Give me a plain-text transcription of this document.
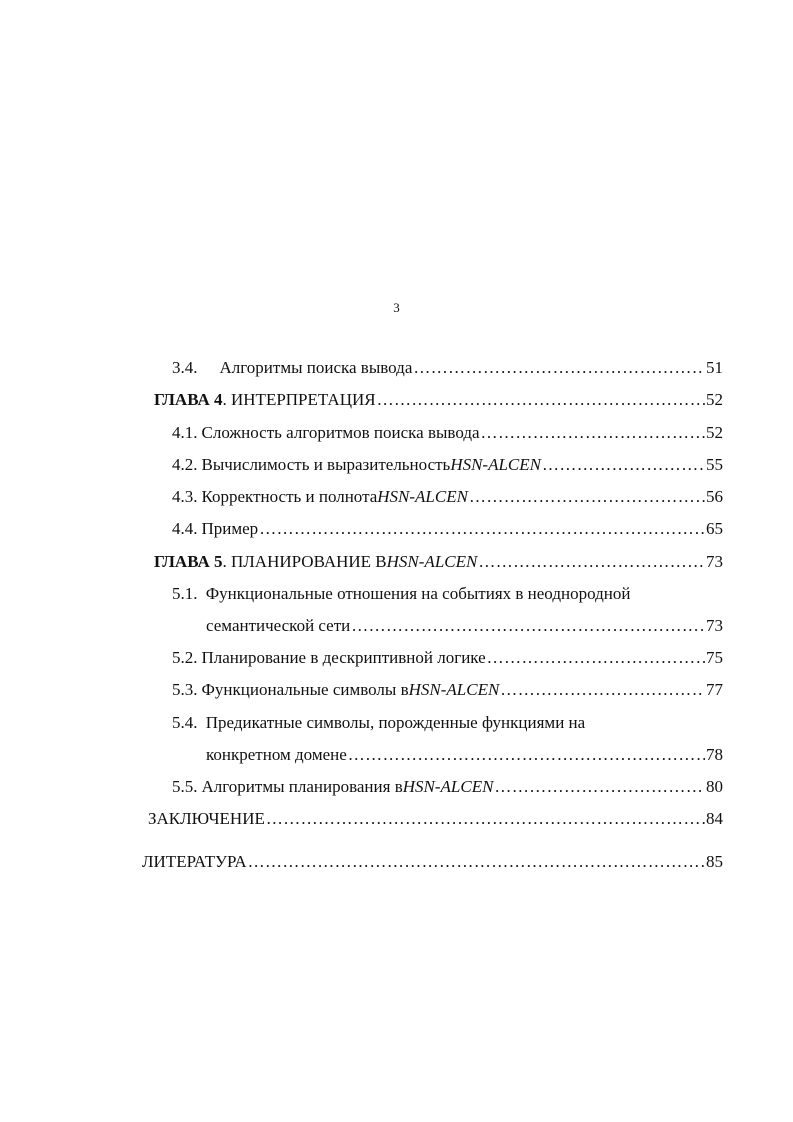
3
3.4. Алгоритмы поиска вывода ……………………………………………………………………………………………………………………………………………………………	51
ГЛАВА 4 . ИНТЕРПРЕТАЦИЯ ……………………………………………………………………………………………………………………………………………………………	52
4.1. Сложность алгоритмов поиска вывода ……………………………………………………………………………………………………………………………………………………………	52
4.2. Вычислимость и выразительность HSN-ALCEN ……………………………………………………………………………………………………………………………………………………………	55
4.3. Корректность и полнота HSN-ALCEN ……………………………………………………………………………………………………………………………………………………………	56
4.4. Пример ……………………………………………………………………………………………………………………………………………………………	65
ГЛАВА 5 . ПЛАНИРОВАНИЕ В HSN-ALCEN ……………………………………………………………………………………………………………………………………………………………	73
5.1. Функциональные отношения на событиях в неоднородной
семантической сети ……………………………………………………………………………………………………………………………………………………………	73
5.2. Планирование в дескриптивной логике ……………………………………………………………………………………………………………………………………………………………	75
5.3. Функциональные символы в HSN-ALCEN ……………………………………………………………………………………………………………………………………………………………	77
5.4. Предикатные символы, порожденные функциями на
конкретном домене ……………………………………………………………………………………………………………………………………………………………	78
5.5. Алгоритмы планирования в HSN-ALCEN ……………………………………………………………………………………………………………………………………………………………	80
ЗАКЛЮЧЕНИЕ ……………………………………………………………………………………………………………………………………………………………	84
ЛИТЕРАТУРА ……………………………………………………………………………………………………………………………………………………………	85
